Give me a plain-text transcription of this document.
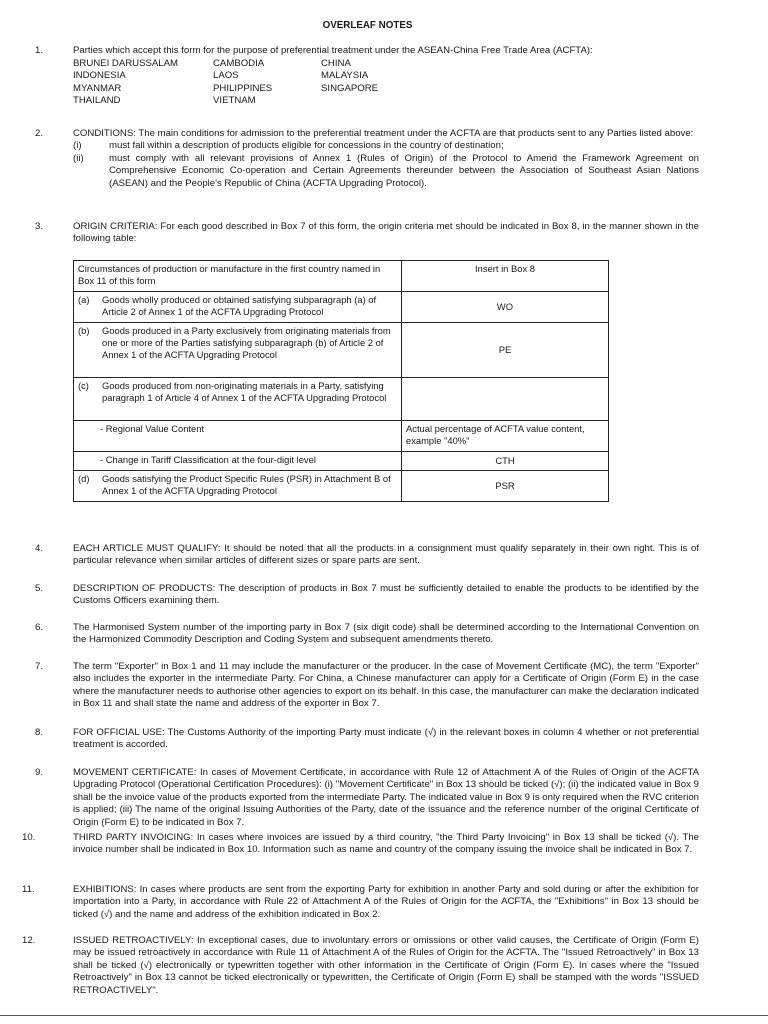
OVERLEAF NOTES
1.	Parties which accept this form for the purpose of preferential treatment under the ASEAN-China Free Trade Area (ACFTA):
BRUNEI DARUSSALAM	CAMBODIA	CHINA
INDONESIA	LAOS	MALAYSIA
MYANMAR	PHILIPPINES	SINGAPORE
THAILAND	VIETNAM
2.	CONDITIONS: The main conditions for admission to the preferential treatment under the ACFTA are that products sent to any Parties listed above:
(i)	must fall within a description of products eligible for concessions in the country of destination;
(ii)	must comply with all relevant provisions of Annex 1 (Rules of Origin) of the Protocol to Amend the Framework Agreement on Comprehensive Economic Co-operation and Certain Agreements thereunder between the Association of Southeast Asian Nations (ASEAN) and the People's Republic of China (ACFTA Upgrading Protocol).
3.	ORIGIN CRITERIA: For each good described in Box 7 of this form, the origin criteria met should be indicated in Box 8, in the manner shown in the following table:
Circumstances of production or manufacture in the first country named in Box 11 of this form	Insert in Box 8

(a) Goods wholly produced or obtained satisfying subparagraph (a) of Article 2 of Annex 1 of the ACFTA Upgrading Protocol	WO

(b) Goods produced in a Party exclusively from originating materials from one or more of the Parties satisfying subparagraph (b) of Article 2 of Annex 1 of the ACFTA Upgrading Protocol	PE

(c) Goods produced from non-originating materials in a Party, satisfying paragraph 1 of Article 4 of Annex 1 of the ACFTA Upgrading Protocol	

- Regional Value Content	Actual percentage of ACFTA value content, example "40%"

- Change in Tariff Classification at the four-digit level	CTH

(d) Goods satisfying the Product Specific Rules (PSR) in Attachment B of Annex 1 of the ACFTA Upgrading Protocol	PSR
4.	EACH ARTICLE MUST QUALIFY: It should be noted that all the products in a consignment must qualify separately in their own right. This is of particular relevance when similar articles of different sizes or spare parts are sent.
5.	DESCRIPTION OF PRODUCTS: The description of products in Box 7 must be sufficiently detailed to enable the products to be identified by the Customs Officers examining them.
6.	The Harmonised System number of the importing party in Box 7 (six digit code) shall be determined according to the International Convention on the Harmonized Commodity Description and Coding System and subsequent amendments thereto.
7.	The term "Exporter" in Box 1 and 11 may include the manufacturer or the producer. In the case of Movement Certificate (MC), the term "Exporter" also includes the exporter in the intermediate Party. For China, a Chinese manufacturer can apply for a Certificate of Origin (Form E) in the case where the manufacturer needs to authorise other agencies to export on its behalf. In this case, the manufacturer can make the declaration indicated in Box 11 and shall state the name and address of the exporter in Box 7.
8.	FOR OFFICIAL USE: The Customs Authority of the importing Party must indicate (√) in the relevant boxes in column 4 whether or not preferential treatment is accorded.
9.	MOVEMENT CERTIFICATE: In cases of Movement Certificate, in accordance with Rule 12 of Attachment A of the Rules of Origin of the ACFTA Upgrading Protocol (Operational Certification Procedures): (i) "Movement Certificate" in Box 13 should be ticked (√); (ii) the indicated value in Box 9 shall be the invoice value of the products exported from the intermediate Party. The indicated value in Box 9 is only required when the RVC criterion is applied; (iii) The name of the original Issuing Authorities of the Party, date of the issuance and the reference number of the original Certificate of Origin (Form E) to be indicated in Box 7.
10.	THIRD PARTY INVOICING: In cases where invoices are issued by a third country, "the Third Party Invoicing" in Box 13 shall be ticked (√). The invoice number shall be indicated in Box 10. Information such as name and country of the company issuing the invoice shall be indicated in Box 7.
11.	EXHIBITIONS: In cases where products are sent from the exporting Party for exhibition in another Party and sold during or after the exhibition for importation into a Party, in accordance with Rule 22 of Attachment A of the Rules of Origin for the ACFTA, the "Exhibitions" in Box 13 should be ticked (√) and the name and address of the exhibition indicated in Box 2.
12.	ISSUED RETROACTIVELY: In exceptional cases, due to involuntary errors or omissions or other valid causes, the Certificate of Origin (Form E) may be issued retroactively in accordance with Rule 11 of Attachment A of the Rules of Origin for the ACFTA. The "Issued Retroactively" in Box 13 shall be ticked (√) electronically or typewritten together with other information in the Certificate of Origin (Form E). In cases where the "Issued Retroactively" in Box 13 cannot be ticked electronically or typewritten, the Certificate of Origin (Form E) shall be stamped with the words "ISSUED RETROACTIVELY".
